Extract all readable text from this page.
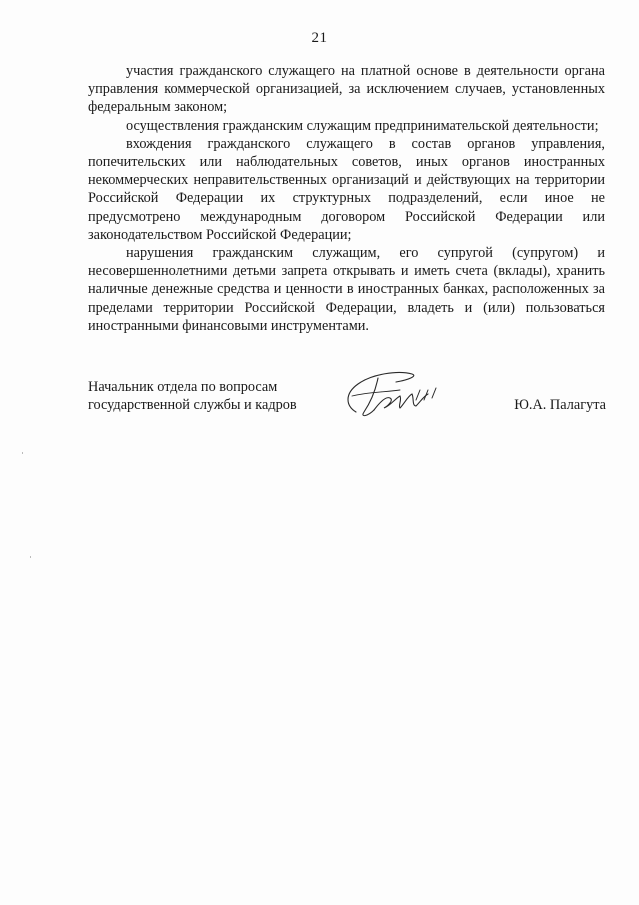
21

участия гражданского служащего на платной основе в деятельности органа управления коммерческой организацией, за исключением случаев, установленных федеральным законом;

осуществления гражданским служащим предпринимательской деятельности;

вхождения гражданского служащего в состав органов управления, попечительских или наблюдательных советов, иных органов иностранных некоммерческих неправительственных организаций и действующих на территории Российской Федерации их структурных подразделений, если иное не предусмотрено международным договором Российской Федерации или законодательством Российской Федерации;

нарушения гражданским служащим, его супругой (супругом) и несовершеннолетними детьми запрета открывать и иметь счета (вклады), хранить наличные денежные средства и ценности в иностранных банках, расположенных за пределами территории Российской Федерации, владеть и (или) пользоваться иностранными финансовыми инструментами.

Начальник отдела по вопросам
государственной службы и кадров	Ю.А. Палагута
